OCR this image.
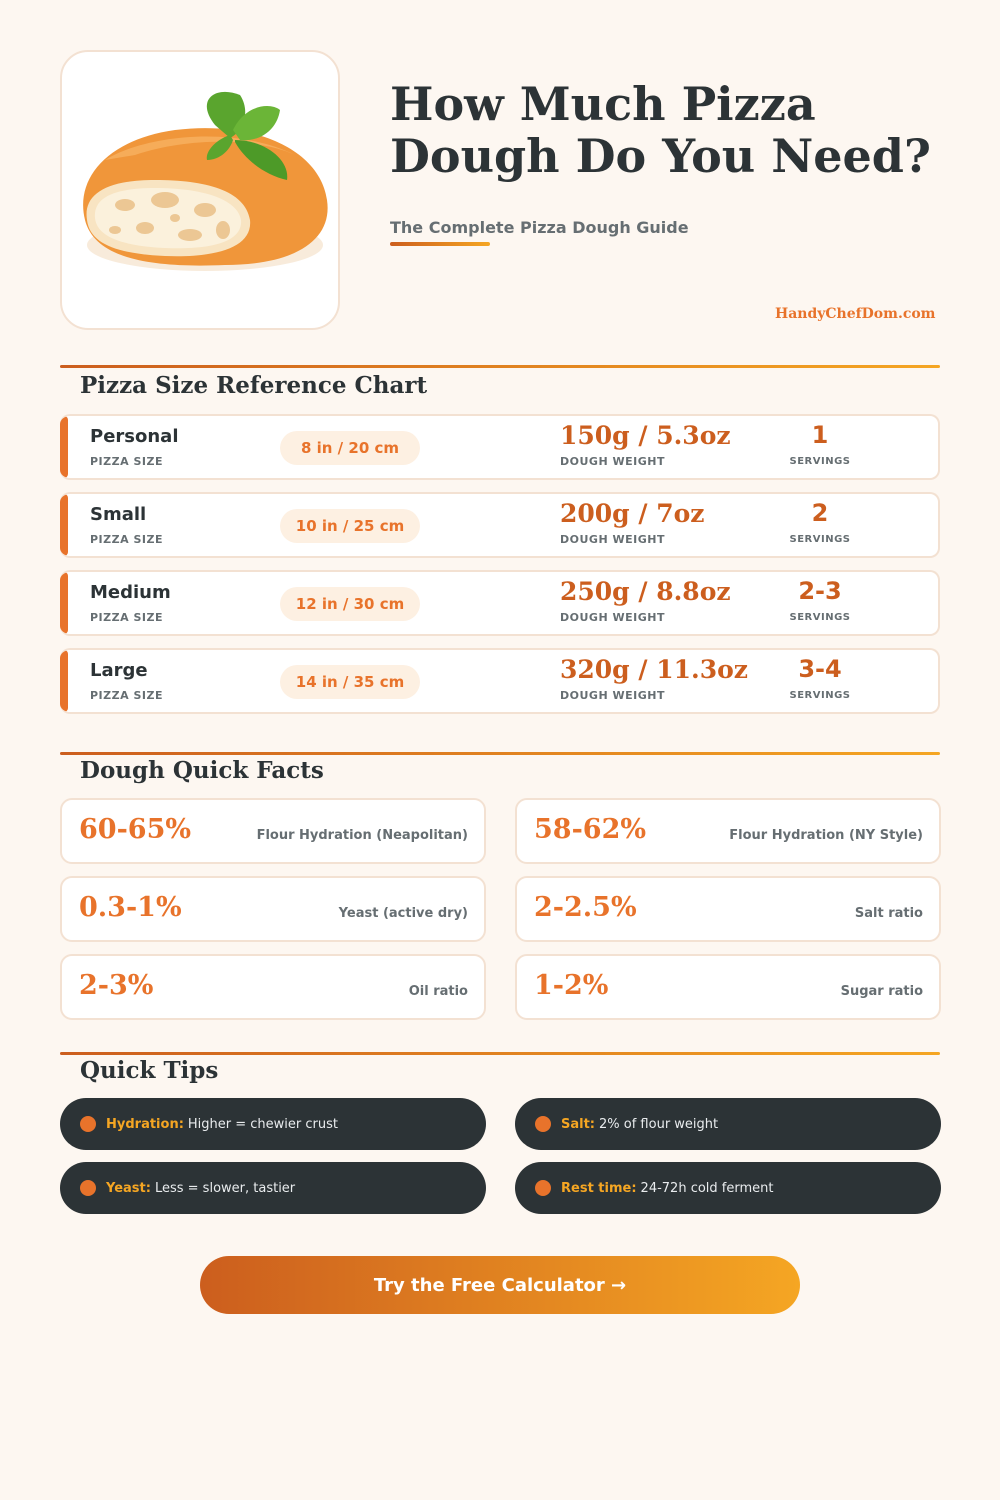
How Much Pizza Dough Do You Need?
The Complete Pizza Dough Guide
HandyChefDom.com
Pizza Size Reference Chart
Personal
PIZZA SIZE
8 in / 20 cm	150g / 5.3oz
DOUGH WEIGHT
1
SERVINGS
Small
PIZZA SIZE
10 in / 25 cm	200g / 7oz
DOUGH WEIGHT
2
SERVINGS
Medium
PIZZA SIZE
12 in / 30 cm	250g / 8.8oz
DOUGH WEIGHT
2-3
SERVINGS
Large
PIZZA SIZE
14 in / 35 cm	320g / 11.3oz
DOUGH WEIGHT
3-4
SERVINGS
Dough Quick Facts
60-65%	Flour Hydration (Neapolitan) 58-62%	Flour Hydration (NY Style)
0.3-1%	Yeast (active dry) 2-2.5%	Salt ratio
2-3%	Oil ratio 1-2%	Sugar ratio
Quick Tips
Hydration: Higher = chewier crust	Salt: 2% of flour weight
Yeast: Less = slower, tastier	Rest time: 24-72h cold ferment
Try the Free Calculator →
